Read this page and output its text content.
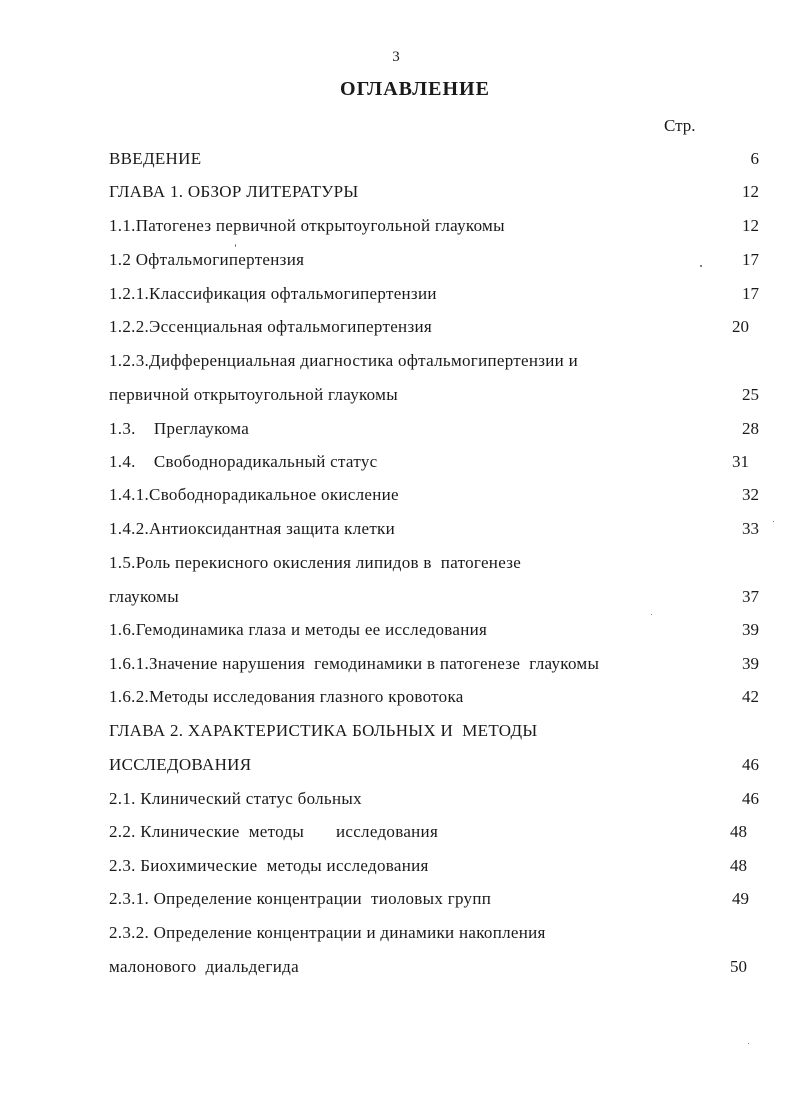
3
ОГЛАВЛЕНИЕ
Стр.
ВВЕДЕНИЕ	6
ГЛАВА 1. ОБЗОР ЛИТЕРАТУРЫ	12
1.1.Патогенез первичной открытоугольной глаукомы	12
1.2 Офтальмогипертензия	17
1.2.1.Классификация офтальмогипертензии	17
1.2.2.Эссенциальная офтальмогипертензия	20
1.2.3.Дифференциальная диагностика офтальмогипертензии и
первичной открытоугольной глаукомы	25
1.3.    Преглаукома	28
1.4.    Свободнорадикальный статус	31
1.4.1.Свободнорадикальное окисление	32
1.4.2.Антиоксидантная защита клетки	33
1.5.Роль перекисного окисления липидов в  патогенезе
глаукомы	37
1.6.Гемодинамика глаза и методы ее исследования	39
1.6.1.Значение нарушения  гемодинамики в патогенезе  глаукомы	39
1.6.2.Методы исследования глазного кровотока	42
ГЛАВА 2. ХАРАКТЕРИСТИКА БОЛЬНЫХ И  МЕТОДЫ
ИССЛЕДОВАНИЯ	46
2.1. Клинический статус больных	46
2.2. Клинические  методы       исследования	48
2.3. Биохимические  методы исследования	48
2.3.1. Определение концентрации  тиоловых групп	49
2.3.2. Определение концентрации и динамики накопления
малонового  диальдегида	50
